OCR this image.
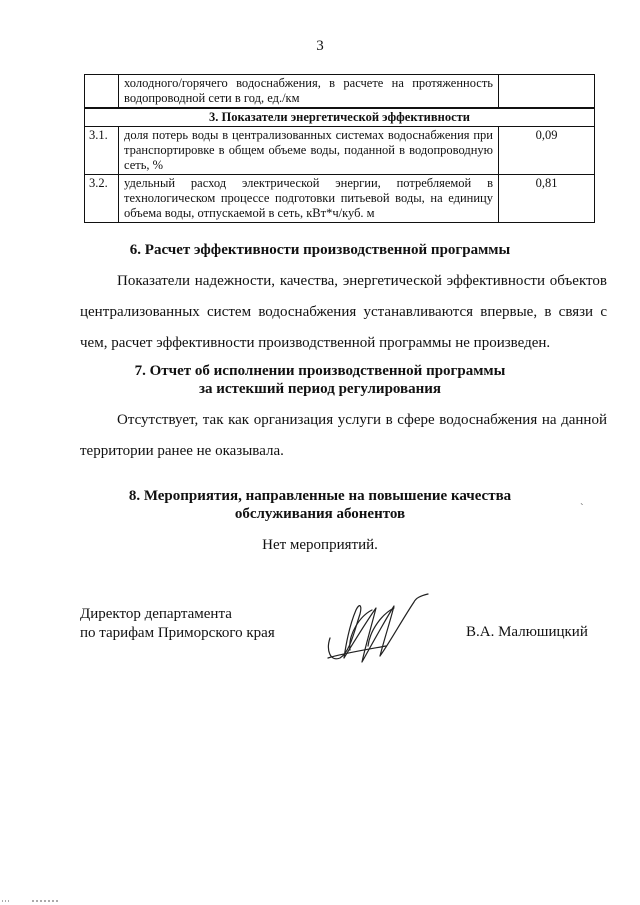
3
	холодного/горячего водоснабжения, в расчете на протяженность водопроводной сети в год, ед./км	
3. Показатели энергетической эффективности		
3.1.	доля потерь воды в централизованных системах водоснабжения при транспортировке в общем объеме воды, поданной в водопроводную сеть, %	0,09
3.2.	удельный расход электрической энергии, потребляемой в технологическом процессе подготовки питьевой воды, на единицу объема воды, отпускаемой в сеть, кВт*ч/куб. м	0,81
6. Расчет эффективности производственной программы
Показатели надежности, качества, энергетической эффективности объектов централизованных систем водоснабжения устанавливаются впервые, в связи с чем, расчет эффективности производственной программы не произведен.
7. Отчет об исполнении производственной программы
за истекший период регулирования
Отсутствует, так как организация услуги в сфере водоснабжения на данной территории ранее не оказывала.
8. Мероприятия, направленные на повышение качества
обслуживания абонентов	`
Нет мероприятий.
Директор департамента
по тарифам Приморского края	В.А. Малюшицкий
